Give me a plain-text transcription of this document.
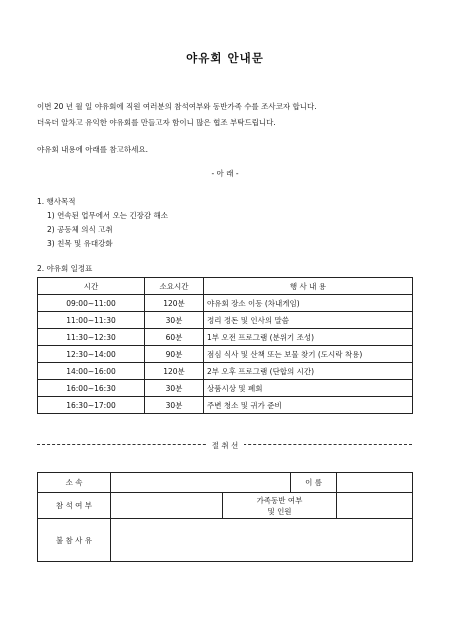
야유회 안내문
이번 20 년 월 일 야유회에 직원 여러분의 참석여부와 동반가족 수를 조사코자 합니다.
더욱더 알차고 유익한 야유회를 만들고자 함이니 많은 협조 부탁드립니다.
야유회 내용에 아래를 참고하세요.
- 아 래 -
1. 행사목적
1) 연속된 업무에서 오는 긴장감 해소
2) 공동체 의식 고취
3) 친목 및 유대강화
2. 야유회 일정표
시간	소요시간	행 사 내 용
09:00~11:00	120분	야유회 장소 이동 (차내게임)
11:00~11:30	30분	정리 정돈 및 인사의 말씀
11:30~12:30	60분	1부 오전 프로그램 (분위기 조성)
12:30~14:00	90분	점심 식사 및 산책 또는 보물 찾기 (도시락 착용)
14:00~16:00	120분	2부 오후 프로그램 (단합의 시간)
16:00~16:30	30분	상품시상 및 폐회
16:30~17:00	30분	주변 청소 및 귀가 준비
절 취 선
소 속			이 름	
참 석 여 부		가족동반 여부
및 인원		

불 참 사 유				
